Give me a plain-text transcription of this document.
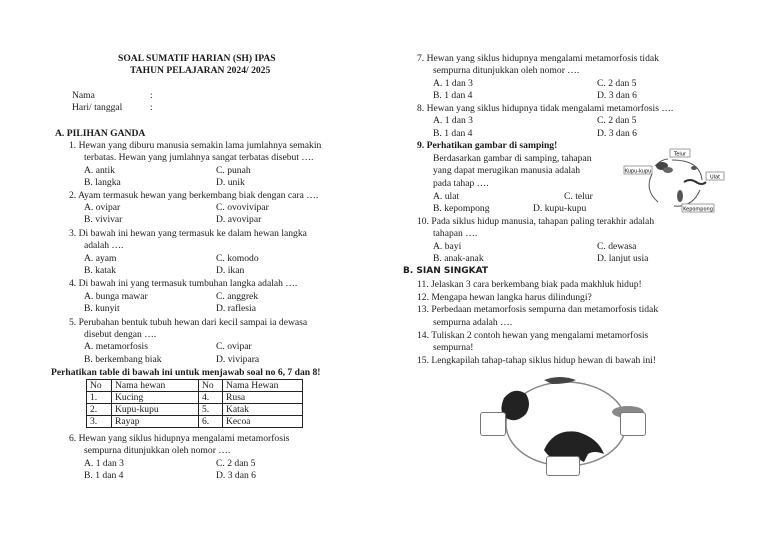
SOAL SUMATIF HARIAN (SH) IPAS
TAHUN PELAJARAN 2024/ 2025
Nama	:
Hari/ tanggal	:
A. PILIHAN GANDA
1. Hewan yang diburu manusia semakin lama jumlahnya semakin
terbatas. Hewan yang jumlahnya sangat terbatas disebut ….
A. antik	C. punah
B. langka	D. unik
2. Ayam termasuk hewan yang berkembang biak dengan cara ….
A. ovipar	C. ovovivipar
B. vivivar	D. avovipar
3. Di bawah ini hewan yang termasuk ke dalam hewan langka
adalah ….
A. ayam	C. komodo
B. katak	D. ikan
4. Di bawah ini yang termasuk tumbuhan langka adalah ….
A. bunga mawar	C. anggrek
B. kunyit	D. raflesia
5. Perubahan bentuk tubuh hewan dari kecil sampai ia dewasa
disebut dengan ….
A. metamorfosis	C. ovipar
B. berkembang biak	D. vivipara
Perhatikan table di bawah ini untuk menjawab soal no 6, 7 dan 8!
No	Nama hewan	No	Nama Hewan
1.	Kucing	4.	Rusa
2.	Kupu-kupu	5.	Katak
3.	Rayap	6.	Kecoa
6. Hewan yang siklus hidupnya mengalami metamorfosis
sempurna ditunjukkan oleh nomor ….
A. 1 dan 3	C. 2 dan 5
B. 1 dan 4	D. 3 dan 6
7. Hewan yang siklus hidupnya mengalami metamorfosis tidak
sempurna ditunjukkan oleh nomor ….
A. 1 dan 3	C. 2 dan 5
B. 1 dan 4	D. 3 dan 6
8. Hewan yang siklus hidupnya tidak mengalami metamorfosis ….
A. 1 dan 3	C. 2 dan 5
B. 1 dan 4	D. 3 dan 6
9. Perhatikan gambar di samping!
Berdasarkan gambar di samping, tahapan
yang dapat merugikan manusia adalah
pada tahap ….
A. ulat	C. telur
B. kepompong	D. kupu-kupu
Telur
Ulat
Kupu-kupu
Kepompong
10. Pada siklus hidup manusia, tahapan paling terakhir adalah
tahapan ….
A. bayi	C. dewasa
B. anak-anak	D. lanjut usia
B. SIAN SINGKAT
11. Jelaskan 3 cara berkembang biak pada makhluk hidup!
12. Mengapa hewan langka harus dilindungi?
13. Perbedaan metamorfosis sempurna dan metamorfosis tidak
sempurna adalah ….
14. Tuliskan 2 contoh hewan yang mengalami metamorfosis
sempurna!
15. Lengkapilah tahap-tahap siklus hidup hewan di bawah ini!
